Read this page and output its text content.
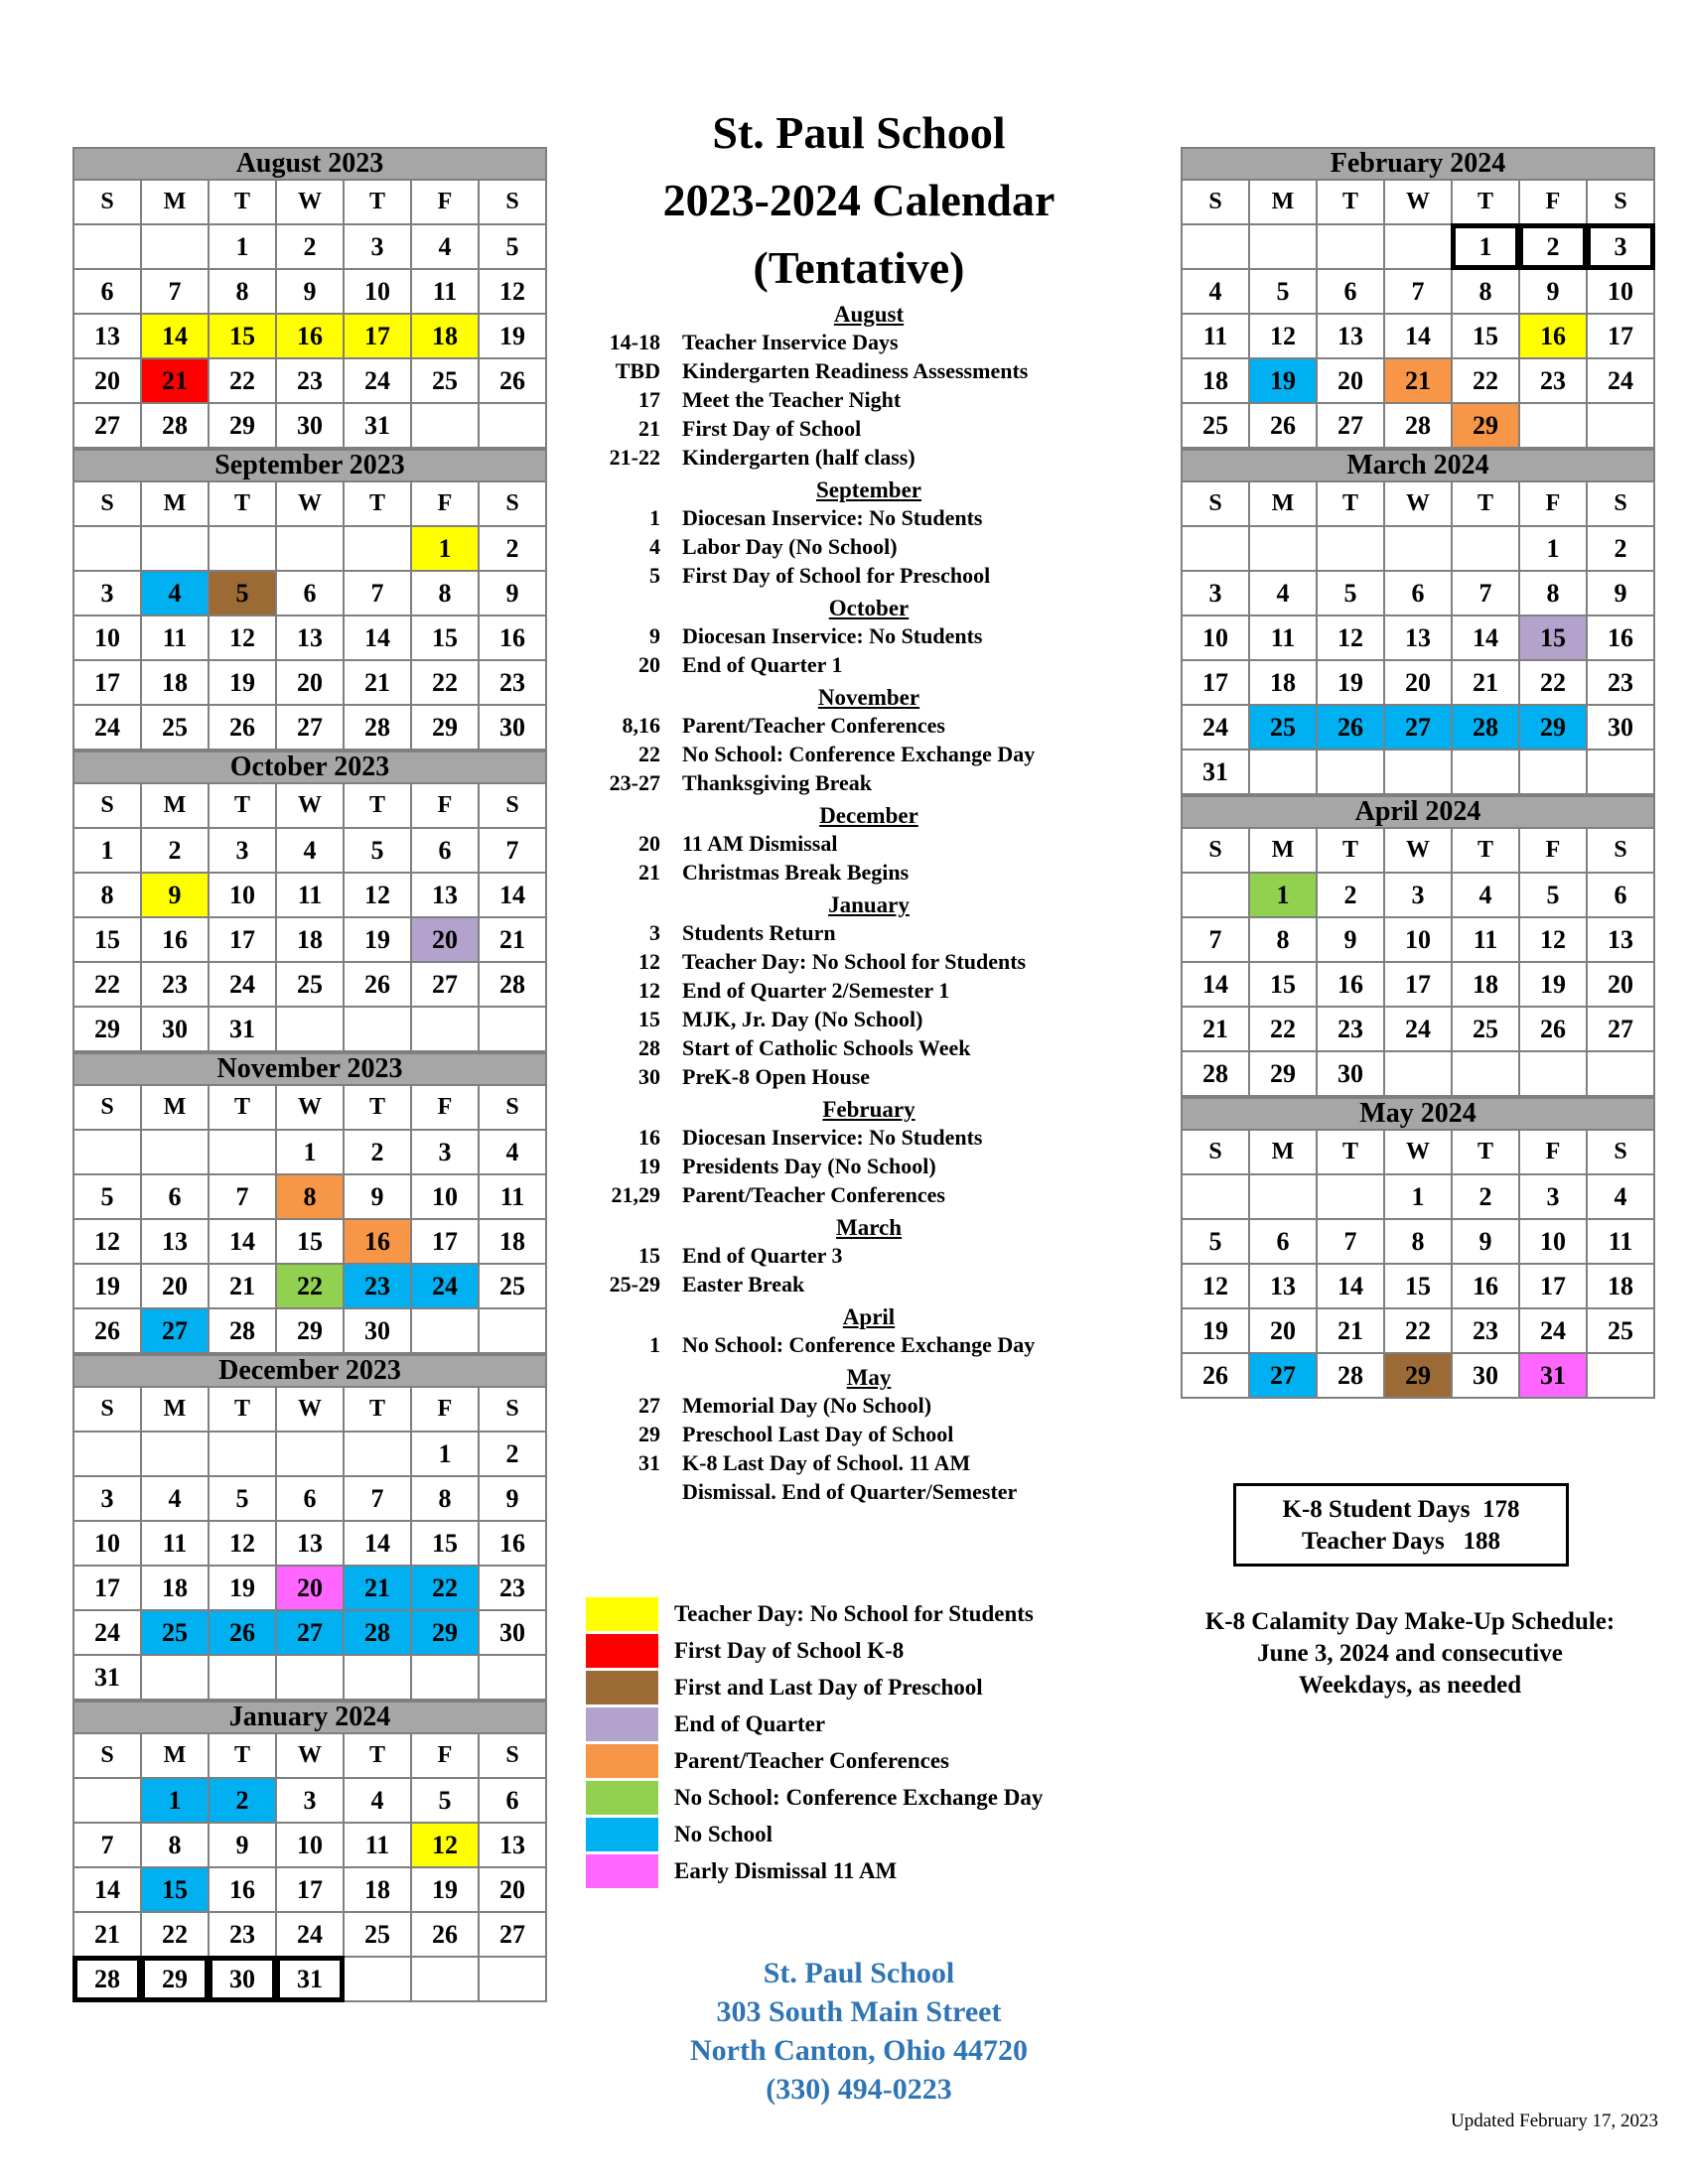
August 2023						
S	M	T	W	T	F	S
		1	2	3	4	5
6	7	8	9	10	11	12
13	14	15	16	17	18	19
20	21	22	23	24	25	26
27	28	29	30	31		
September 2023						
S	M	T	W	T	F	S
					1	2
3	4	5	6	7	8	9
10	11	12	13	14	15	16
17	18	19	20	21	22	23
24	25	26	27	28	29	30
October 2023						
S	M	T	W	T	F	S
1	2	3	4	5	6	7
8	9	10	11	12	13	14
15	16	17	18	19	20	21
22	23	24	25	26	27	28
29	30	31				
November 2023						
S	M	T	W	T	F	S
			1	2	3	4
5	6	7	8	9	10	11
12	13	14	15	16	17	18
19	20	21	22	23	24	25
26	27	28	29	30		
December 2023						
S	M	T	W	T	F	S
					1	2
3	4	5	6	7	8	9
10	11	12	13	14	15	16
17	18	19	20	21	22	23
24	25	26	27	28	29	30
31						
January 2024						
S	M	T	W	T	F	S
	1	2	3	4	5	6
7	8	9	10	11	12	13
14	15	16	17	18	19	20
21	22	23	24	25	26	27
28	29	30	31			
February 2024						
S	M	T	W	T	F	S
				1	2	3
4	5	6	7	8	9	10
11	12	13	14	15	16	17
18	19	20	21	22	23	24
25	26	27	28	29		
March 2024						
S	M	T	W	T	F	S
					1	2
3	4	5	6	7	8	9
10	11	12	13	14	15	16
17	18	19	20	21	22	23
24	25	26	27	28	29	30
31						
April 2024						
S	M	T	W	T	F	S
	1	2	3	4	5	6
7	8	9	10	11	12	13
14	15	16	17	18	19	20
21	22	23	24	25	26	27
28	29	30				
May 2024						
S	M	T	W	T	F	S
			1	2	3	4
5	6	7	8	9	10	11
12	13	14	15	16	17	18
19	20	21	22	23	24	25
26	27	28	29	30	31	
St. Paul School
2023-2024 Calendar
(Tentative)
August
14-18	Teacher Inservice Days
TBD	Kindergarten Readiness Assessments
17	Meet the Teacher Night
21	First Day of School
21-22	Kindergarten (half class)
September
1	Diocesan Inservice: No Students
4	Labor Day (No School)
5	First Day of School for Preschool
October
9	Diocesan Inservice: No Students
20	End of Quarter 1
November
8,16	Parent/Teacher Conferences
22	No School: Conference Exchange Day
23-27	Thanksgiving Break
December
20	11 AM Dismissal
21	Christmas Break Begins
January
3	Students Return
12	Teacher Day: No School for Students
12	End of Quarter 2/Semester 1
15	MJK, Jr. Day (No School)
28	Start of Catholic Schools Week
30	PreK-8 Open House
February
16	Diocesan Inservice: No Students
19	Presidents Day (No School)
21,29	Parent/Teacher Conferences
March
15	End of Quarter 3
25-29	Easter Break
April
1	No School: Conference Exchange Day
May
27	Memorial Day (No School)
29	Preschool Last Day of School
31	K-8 Last Day of School. 11 AM
Dismissal. End of Quarter/Semester
Teacher Day: No School for Students
First Day of School K-8
First and Last Day of Preschool
End of Quarter
Parent/Teacher Conferences
No School: Conference Exchange Day
No School
Early Dismissal 11 AM
K-8 Student Days  178
Teacher Days   188
K-8 Calamity Day Make-Up Schedule:
June 3, 2024 and consecutive
Weekdays, as needed
St. Paul School
303 South Main Street
North Canton, Ohio 44720
(330) 494-0223
Updated February 17, 2023
